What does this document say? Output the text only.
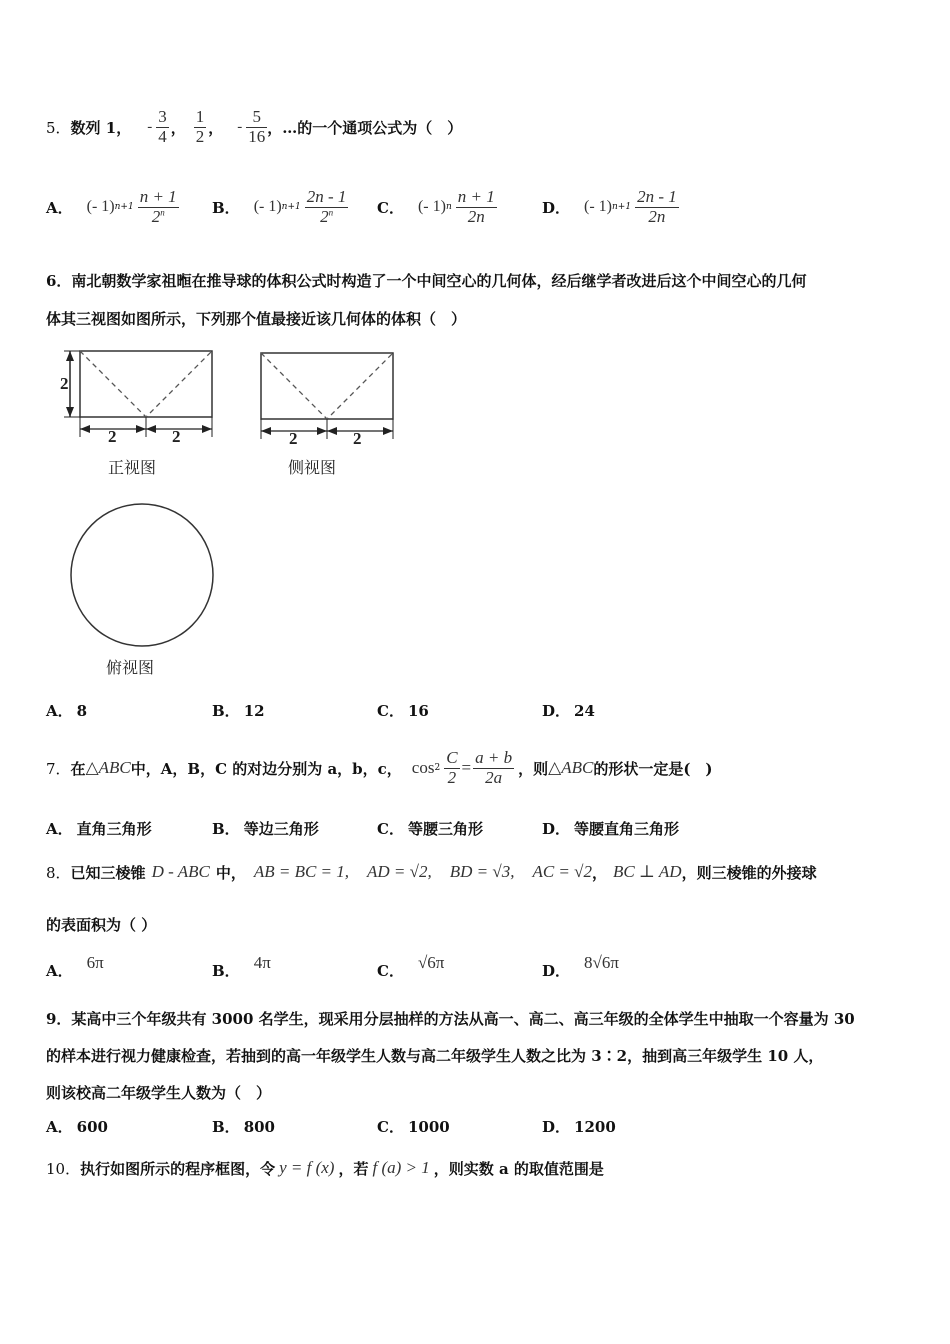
5． 数列 1， - $\frac{3}{4}$ ， $\frac{1}{2}$ ， - $\frac{5}{16}$ ，…的一个通项公式为（　）
A． (- 1) $n+1 \frac{n + 1}{2^n}$ B． (- 1) $n+1 \frac{2n - 1}{2^n}$ C． (- 1) n $\frac{n + 1}{2n}$	D． (- 1) $n+1 \frac{2n - 1}{2n}$
6．南北朝数学家祖暅在推导球的体积公式时构造了一个中间空心的几何体，经后继学者改进后这个中间空心的几何
体其三视图如图所示，下列那个值最接近该几何体的体积（　）
2
2	2
正视图
2	2
侧视图
俯视图
A． 8	B． 12	C． 16	D． 24
7． 在 △ABC 中，A，B，C 的对边分别为 a，b，c， $\cos 2 \frac{C}{2} = \frac{a + b}{2a}$ ，则 △ABC 的形状一定是(　)
A． 直角三角形	B． 等边三角形	C． 等腰三角形	D． 等腰直角三角形
8． 已知三棱锥 D - ABC 中， AB = BC = 1, AD = √2, BD = √3, AC = √2 ， BC ⊥ AD ，则三棱锥的外接球
的表面积为（ ）
A． 6π	B． 4π	C． √6π	D． 8√6π
9．某高中三个年级共有 3000 名学生，现采用分层抽样的方法从高一、高二、高三年级的全体学生中抽取一个容量为 30
的样本进行视力健康检查，若抽到的高一年级学生人数与高二年级学生人数之比为 3∶2，抽到高三年级学生 10 人，
则该校高二年级学生人数为（　）
A． 600	B． 800	C． 1000	D． 1200
10． 执行如图所示的程序框图，令 y = f (x) ，若 f (a) > 1 ，则实数 a 的取值范围是
